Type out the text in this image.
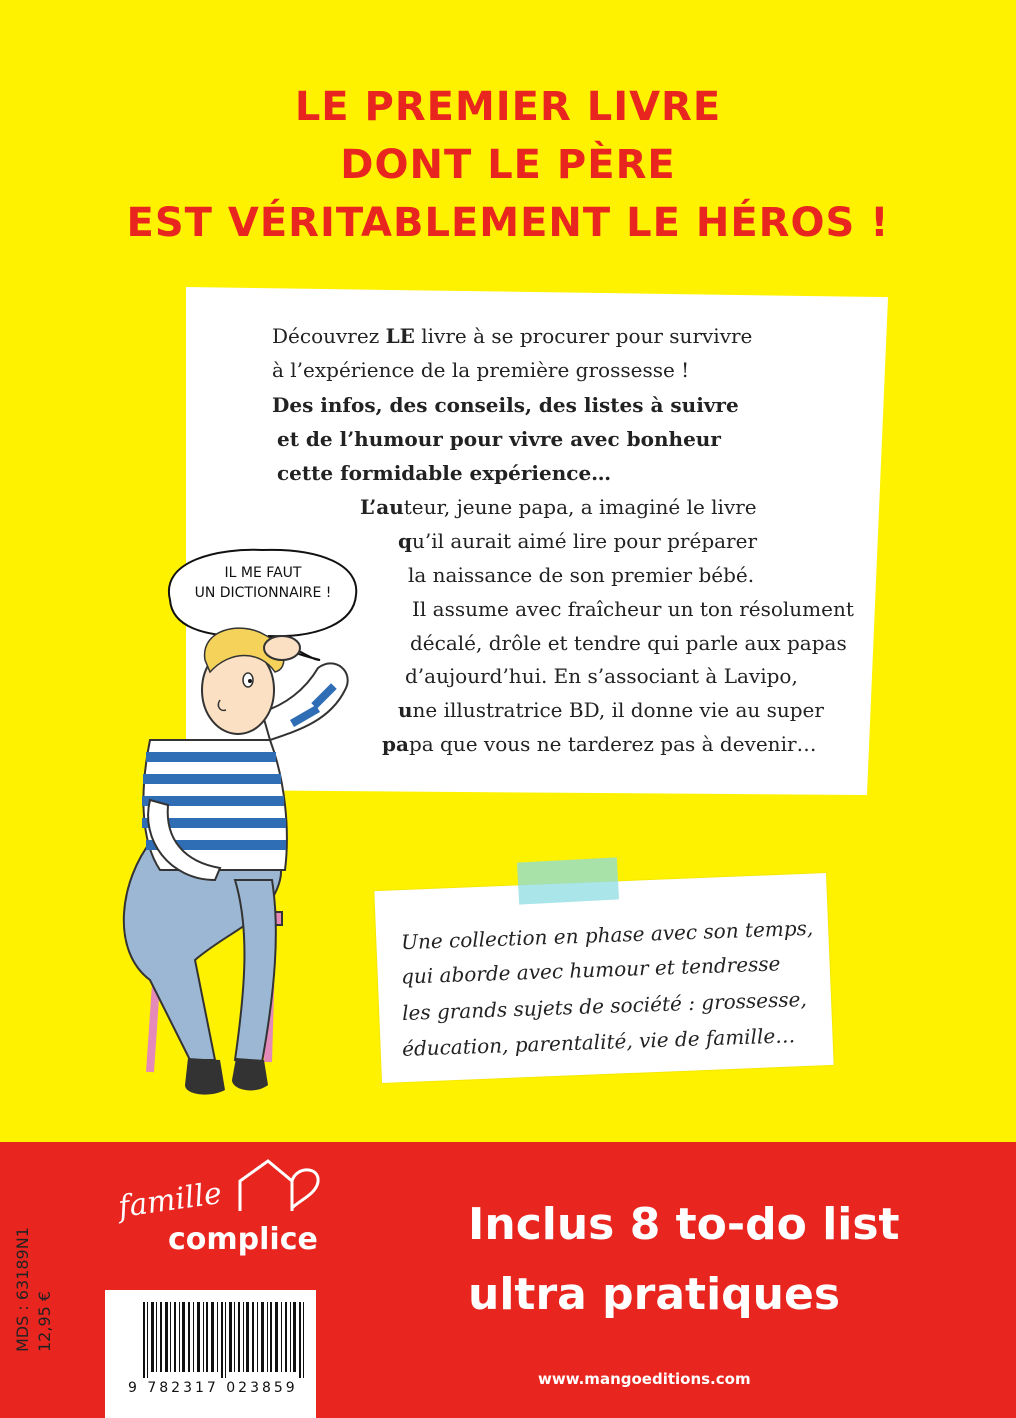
LE PREMIER LIVRE
DONT LE PÈRE
EST VÉRITABLEMENT LE HÉROS !
Découvrez LE livre à se procurer pour survivre
à l’expérience de la première grossesse !
Des infos, des conseils, des listes à suivre
et de l’humour pour vivre avec bonheur
cette formidable expérience…
L’auteur, jeune papa, a imaginé le livre
qu’il aurait aimé lire pour préparer
la naissance de son premier bébé.
Il assume avec fraîcheur un ton résolument
décalé, drôle et tendre qui parle aux papas
d’aujourd’hui. En s’associant à Lavipo,
une illustratrice BD, il donne vie au super
papa que vous ne tarderez pas à devenir…
IL ME FAUT
UN DICTIONNAIRE !
Une collection en phase avec son temps,
qui aborde avec humour et tendresse
les grands sujets de société : grossesse,
éducation, parentalité, vie de famille…
famille
complice	Inclus 8 to-do list
ultra pratiques
www.mangoeditions.com
MDS : 63189N1 12,95 €
9 782317 023859
